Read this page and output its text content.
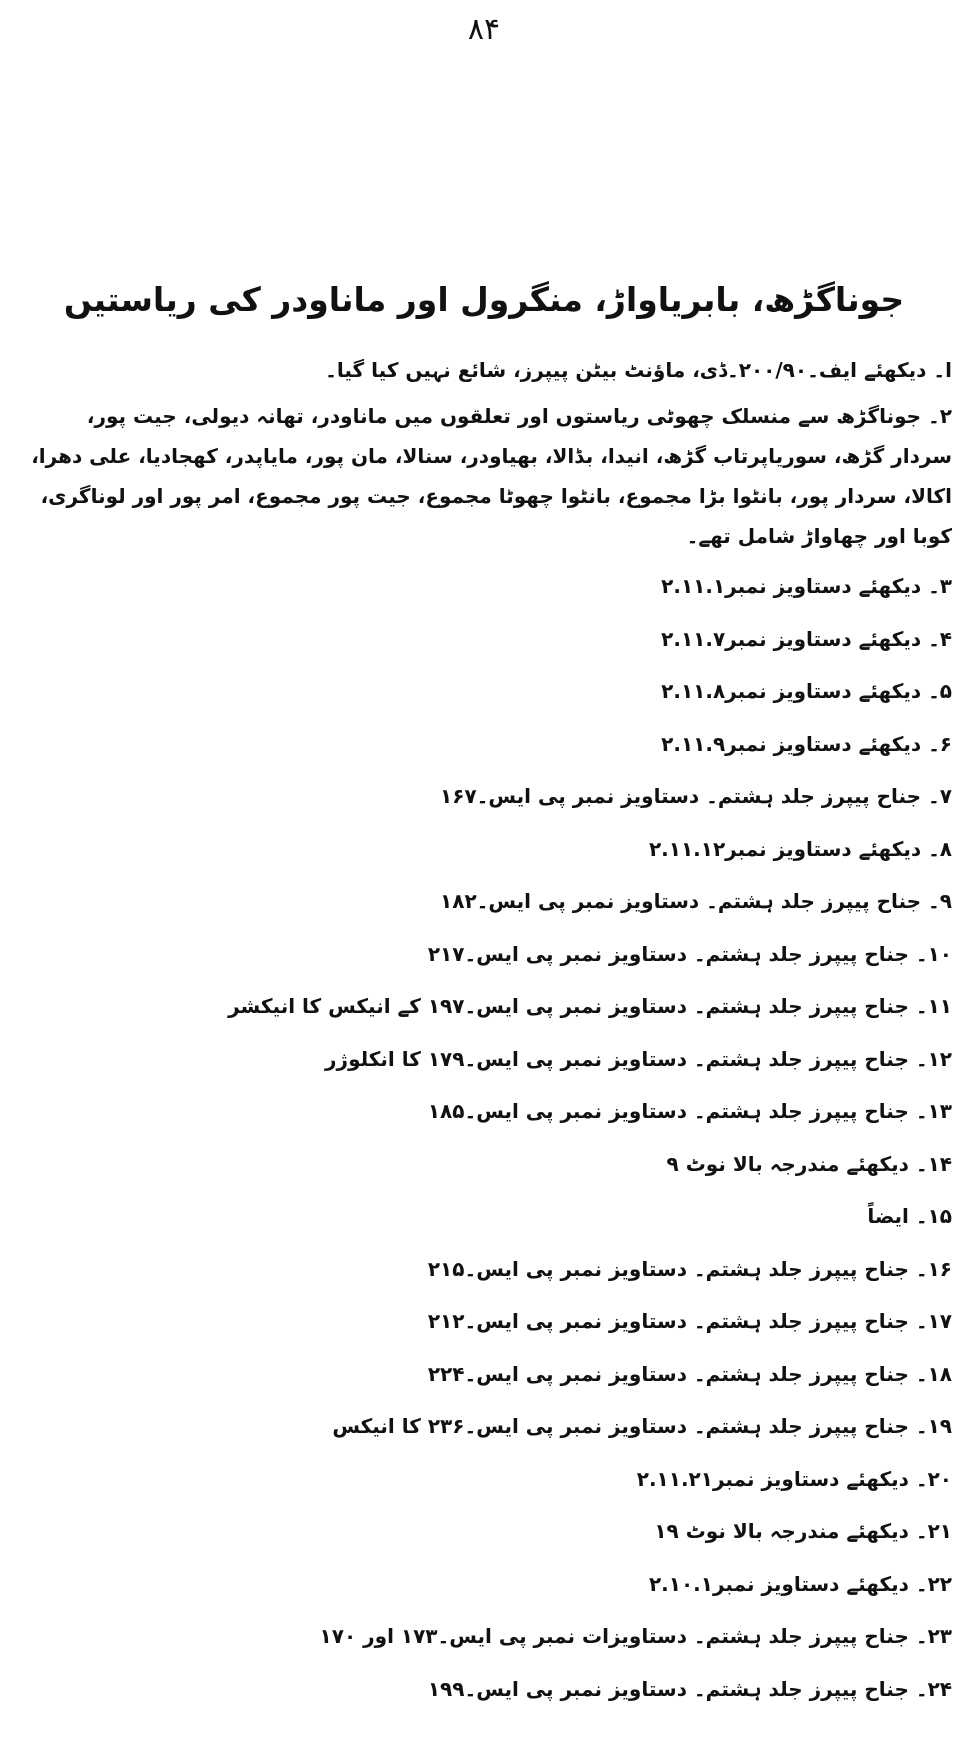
۸۴
جوناگڑھ، بابریاواڑ، منگرول اور ماناودر کی ریاستیں

ا۔ دیکھئے ایف۔۲۰۰/۹۰۔ڈی، ماؤنٹ بیٹن پیپرز، شائع نہیں کیا گیا۔

۲۔ جوناگڑھ سے منسلک چھوٹی ریاستوں اور تعلقوں میں ماناودر، تھانہ دیولی، جیت پور، سردار گڑھ، سوریاپرتاب گڑھ، انیدا، بڈالا، بھیاودر، سنالا، مان پور، مایاپدر، کھجادیا، علی دھرا، اکالا، سردار پور، بانٹوا بڑا مجموع، بانٹوا چھوٹا مجموع، جیت پور مجموع، امر پور اور لوناگری، کوبا اور چھاواڑ شامل تھے۔

۳۔ دیکھئے دستاویز نمبر۲.۱۱.۱
۴۔ دیکھئے دستاویز نمبر۲.۱۱.۷
۵۔ دیکھئے دستاویز نمبر۲.۱۱.۸
۶۔ دیکھئے دستاویز نمبر۲.۱۱.۹
۷۔ جناح پیپرز جلد ہشتم۔ دستاویز نمبر پی ایس۔۱۶۷
۸۔ دیکھئے دستاویز نمبر۲.۱۱.۱۲
۹۔ جناح پیپرز جلد ہشتم۔ دستاویز نمبر پی ایس۔۱۸۲
۱۰۔ جناح پیپرز جلد ہشتم۔ دستاویز نمبر پی ایس۔۲۱۷
۱۱۔ جناح پیپرز جلد ہشتم۔ دستاویز نمبر پی ایس۔۱۹۷ کے انیکس کا انیکشر
۱۲۔ جناح پیپرز جلد ہشتم۔ دستاویز نمبر پی ایس۔۱۷۹ کا انکلوژر
۱۳۔ جناح پیپرز جلد ہشتم۔ دستاویز نمبر پی ایس۔۱۸۵
۱۴۔ دیکھئے مندرجہ بالا نوٹ ۹
۱۵۔ ایضاً
۱۶۔ جناح پیپرز جلد ہشتم۔ دستاویز نمبر پی ایس۔۲۱۵
۱۷۔ جناح پیپرز جلد ہشتم۔ دستاویز نمبر پی ایس۔۲۱۲
۱۸۔ جناح پیپرز جلد ہشتم۔ دستاویز نمبر پی ایس۔۲۲۴
۱۹۔ جناح پیپرز جلد ہشتم۔ دستاویز نمبر پی ایس۔۲۳۶ کا انیکس
۲۰۔ دیکھئے دستاویز نمبر۲.۱۱.۲۱
۲۱۔ دیکھئے مندرجہ بالا نوٹ ۱۹
۲۲۔ دیکھئے دستاویز نمبر۲.۱۰.۱
۲۳۔ جناح پیپرز جلد ہشتم۔ دستاویزات نمبر پی ایس۔۱۷۳ اور ۱۷۰
۲۴۔ جناح پیپرز جلد ہشتم۔ دستاویز نمبر پی ایس۔۱۹۹
